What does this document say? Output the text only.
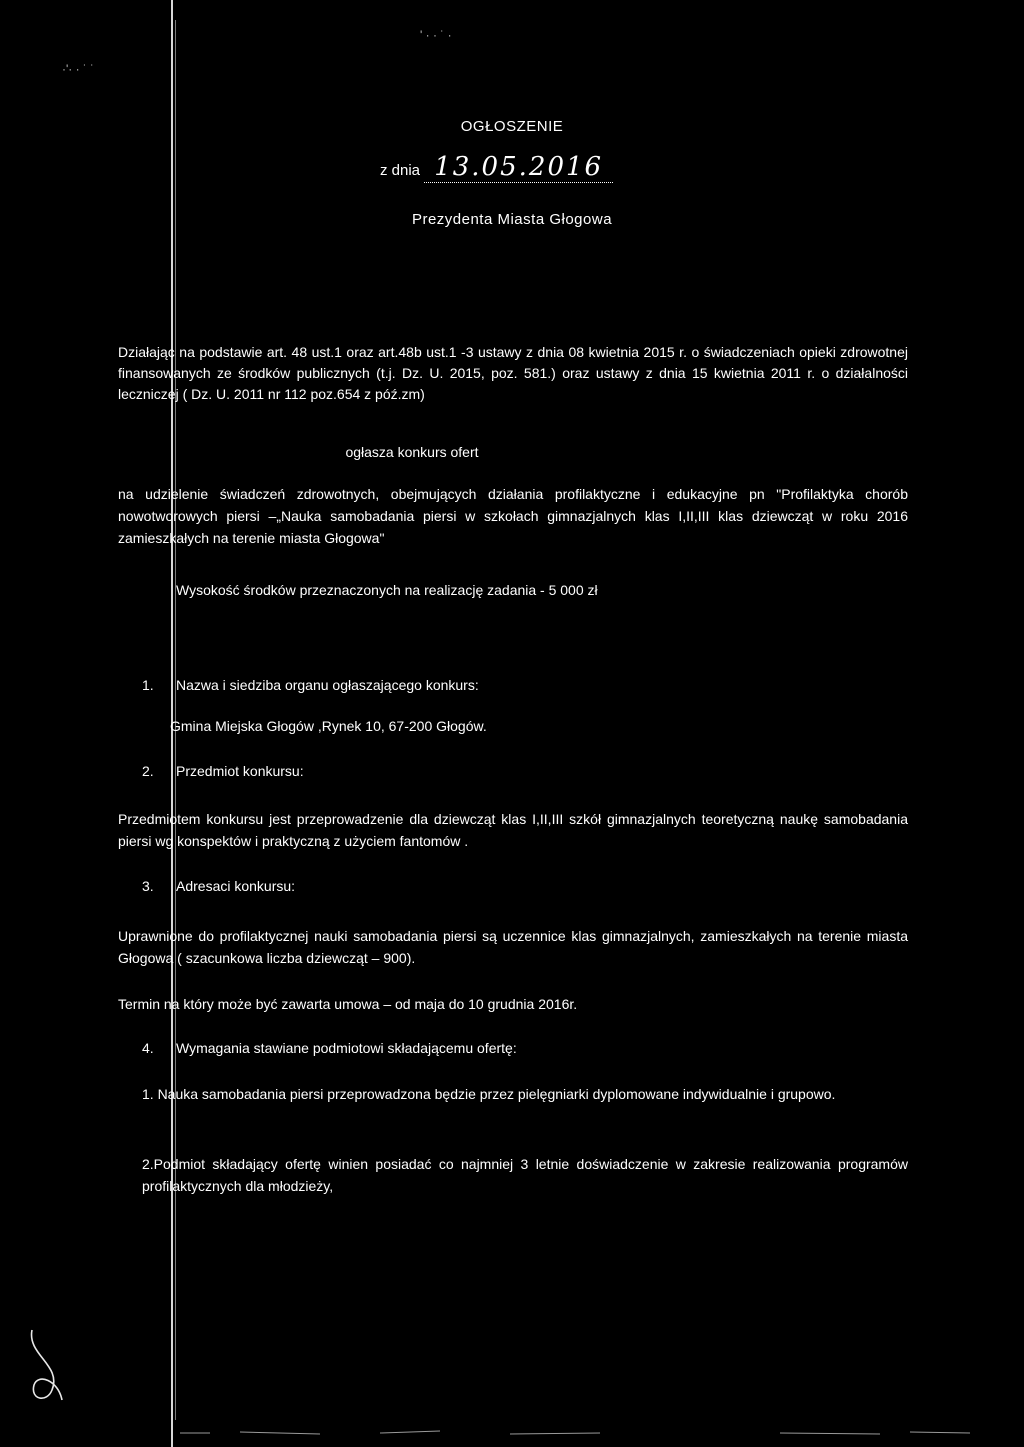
·'· · ˙ ˙
' · · ˙ ·
OGŁOSZENIE
z dnia 13.05.2016
Prezydenta Miasta Głogowa
Działając na podstawie art. 48 ust.1 oraz art.48b ust.1 -3 ustawy z dnia 08 kwietnia 2015 r. o świadczeniach opieki zdrowotnej finansowanych ze środków publicznych (t.j. Dz. U. 2015, poz. 581.) oraz ustawy z dnia 15 kwietnia 2011 r. o działalności leczniczej ( Dz. U. 2011 nr 112 poz.654 z póź.zm)
ogłasza konkurs ofert
na udzielenie świadczeń zdrowotnych, obejmujących działania profilaktyczne i edukacyjne pn "Profilaktyka chorób nowotworowych piersi –„Nauka samobadania piersi w szkołach gimnazjalnych klas I,II,III klas dziewcząt w roku 2016 zamieszkałych na terenie miasta Głogowa"
Wysokość środków przeznaczonych na realizację zadania - 5 000 zł
1. Nazwa i siedziba organu ogłaszającego konkurs:
Gmina Miejska Głogów ,Rynek 10, 67-200 Głogów.
2. Przedmiot konkursu:
Przedmiotem konkursu jest przeprowadzenie dla dziewcząt klas I,II,III szkół gimnazjalnych teoretyczną naukę samobadania piersi wg konspektów i praktyczną z użyciem fantomów .
3. Adresaci konkursu:
Uprawnione do profilaktycznej nauki samobadania piersi są uczennice klas gimnazjalnych, zamieszkałych na terenie miasta Głogowa ( szacunkowa liczba dziewcząt – 900).
Termin na który może być zawarta umowa – od maja do 10 grudnia 2016r.
4. Wymagania stawiane podmiotowi składającemu ofertę:
1. Nauka samobadania piersi przeprowadzona będzie przez pielęgniarki dyplomowane indywidualnie i grupowo.
2.Podmiot składający ofertę winien posiadać co najmniej 3 letnie doświadczenie w zakresie realizowania programów profilaktycznych dla młodzieży,
